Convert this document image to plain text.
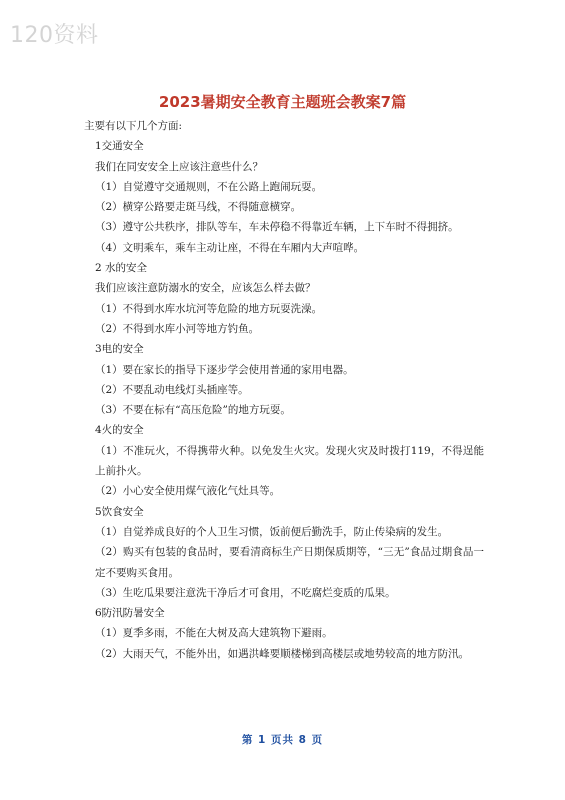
120资料
2023暑期安全教育主题班会教案7篇
主要有以下几个方面:
1交通安全
我们在同安安全上应该注意些什么？
（1）自觉遵守交通规则，不在公路上跑闹玩耍。
（2）横穿公路要走斑马线，不得随意横穿。
（3）遵守公共秩序，排队等车，车未停稳不得靠近车辆，上下车时不得拥挤。
（4）文明乘车，乘车主动让座，不得在车厢内大声喧哗。
2 水的安全
我们应该注意防溺水的安全，应该怎么样去做？
（1）不得到水库水坑河等危险的地方玩耍洗澡。
（2）不得到水库小河等地方钓鱼。
3电的安全
（1）要在家长的指导下逐步学会使用普通的家用电器。
（2）不要乱动电线灯头插座等。
（3）不要在标有“高压危险”的地方玩耍。
4火的安全
（1）不准玩火，不得携带火种。以免发生火灾。发现火灾及时拨打119，不得逞能上前扑火。
（2）小心安全使用煤气液化气灶具等。
5饮食安全
（1）自觉养成良好的个人卫生习惯，饭前便后勤洗手，防止传染病的发生。
（2）购买有包装的食品时，要看清商标生产日期保质期等，“三无”食品过期食品一定不要购买食用。
（3）生吃瓜果要注意洗干净后才可食用，不吃腐烂变质的瓜果。
6防汛防暑安全
（1）夏季多雨，不能在大树及高大建筑物下避雨。
（2）大雨天气，不能外出，如遇洪峰要顺楼梯到高楼层或地势较高的地方防汛。
第 1 页共 8 页
